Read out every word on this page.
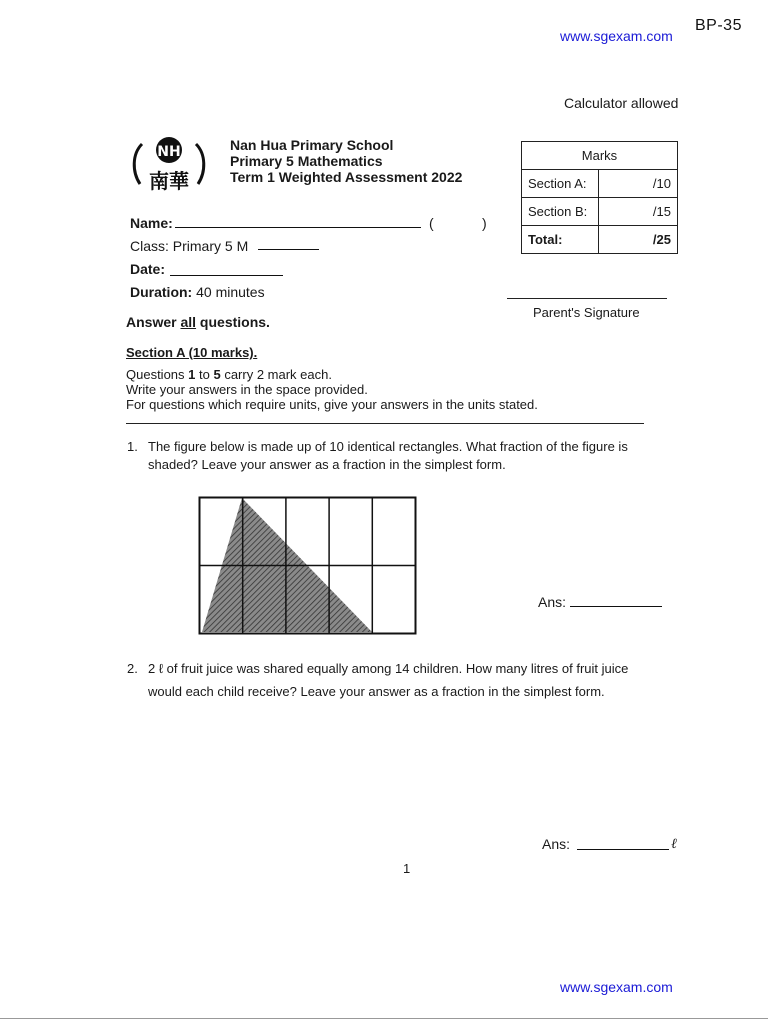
www.sgexam.com
BP-35
Calculator allowed
NH
南華
Nan Hua Primary School
Primary 5 Mathematics
Term 1 Weighted Assessment 2022
Marks	
Section A:	/10
Section B:	/15
Total:	/25
Name:	(	)
Class: Primary 5 M
Date:
Duration: 40 minutes
Parent's Signature
Answer all questions.
Section A (10 marks).
Questions 1 to 5 carry 2 mark each.
Write your answers in the space provided.
For questions which require units, give your answers in the units stated.
1. The figure below is made up of 10 identical rectangles. What fraction of the figure is
shaded? Leave your answer as a fraction in the simplest form.
Ans:
2. 2 ℓ of fruit juice was shared equally among 14 children. How many litres of fruit juice
would each child receive? Leave your answer as a fraction in the simplest form.
Ans:	ℓ
1
www.sgexam.com
